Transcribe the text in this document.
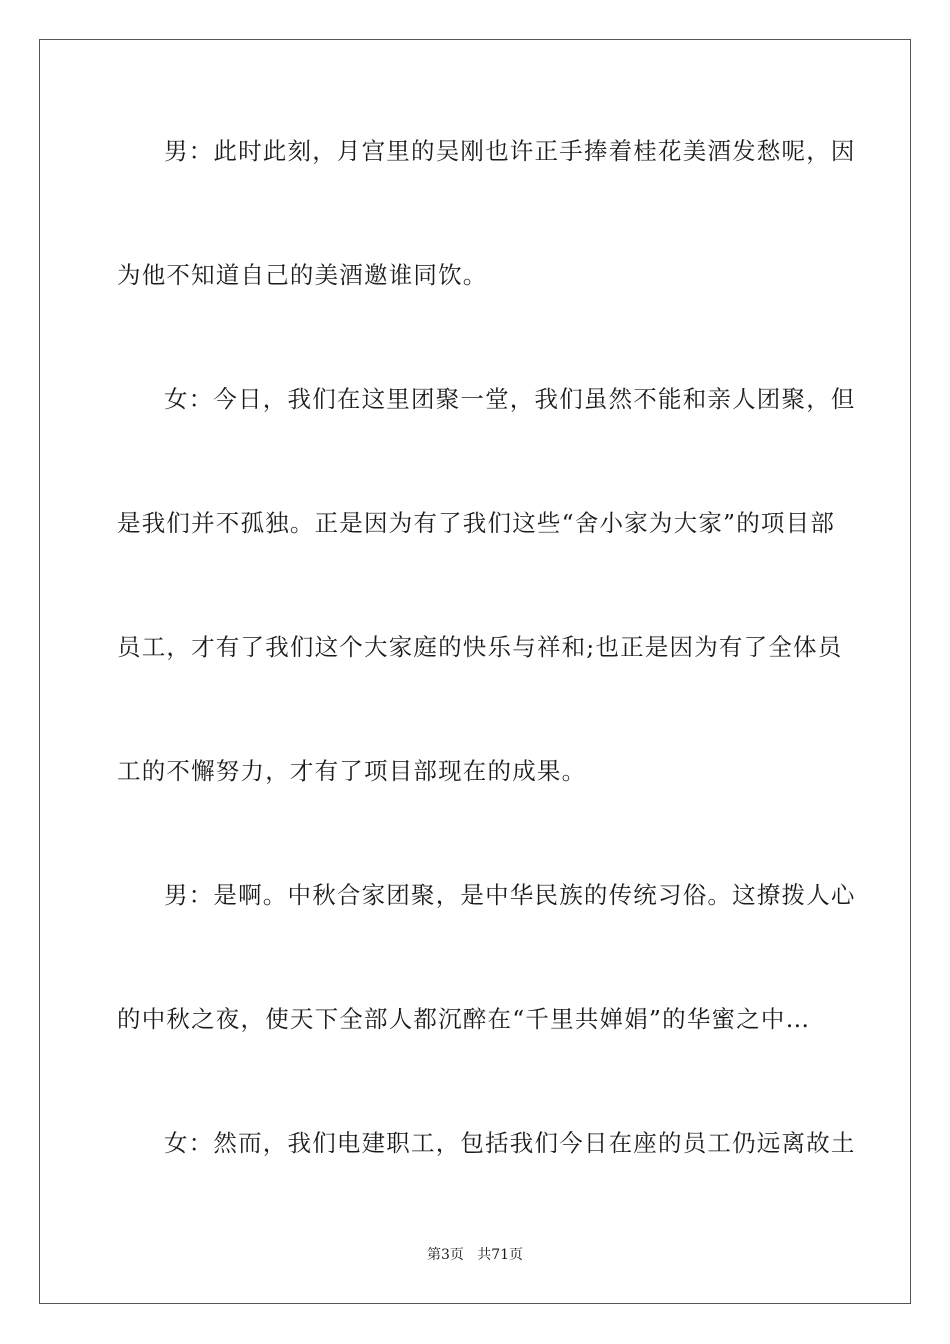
男：此时此刻，月宫里的吴刚也许正手捧着桂花美酒发愁呢，因
为他不知道自己的美酒邀谁同饮。
女：今日，我们在这里团聚一堂，我们虽然不能和亲人团聚，但
是我们并不孤独。正是因为有了我们这些“舍小家为大家”的项目部
员工，才有了我们这个大家庭的快乐与祥和;也正是因为有了全体员
工的不懈努力，才有了项目部现在的成果。
男：是啊。中秋合家团聚，是中华民族的传统习俗。这撩拨人心
的中秋之夜，使天下全部人都沉醉在“千里共婵娟”的华蜜之中…
女：然而，我们电建职工，包括我们今日在座的员工仍远离故土
第3页   共71页
